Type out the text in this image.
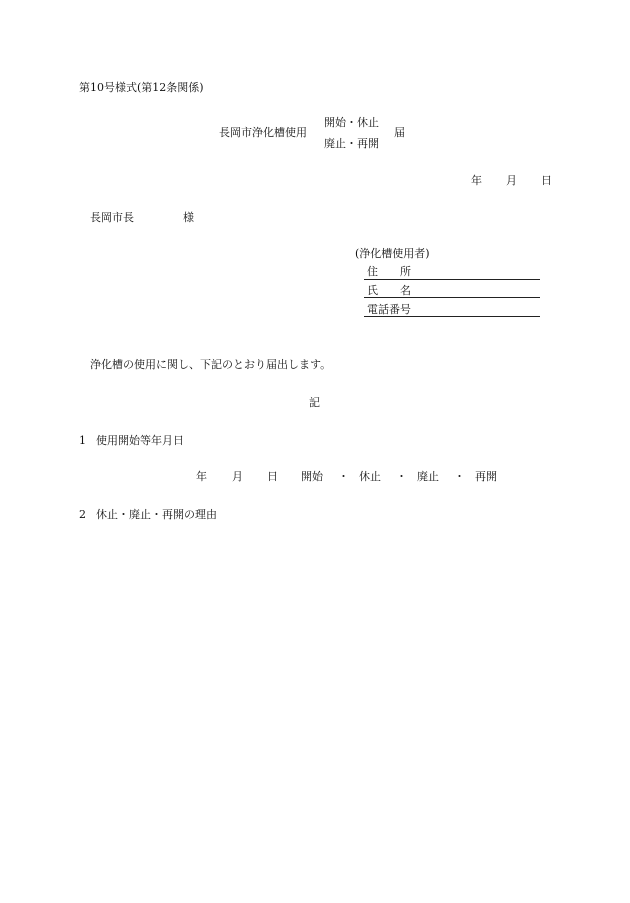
第10号様式(第12条関係)
長岡市浄化槽使用
開始・休止
廃止・再開
届
年 月 日
長岡市長	様
(浄化槽使用者)
住 所
氏 名
電話番号
浄化槽の使用に関し、下記のとおり届出します。
記
1 使用開始等年月日
年 月 日 開始 ・ 休止 ・ 廃止 ・ 再開
2 休止・廃止・再開の理由
